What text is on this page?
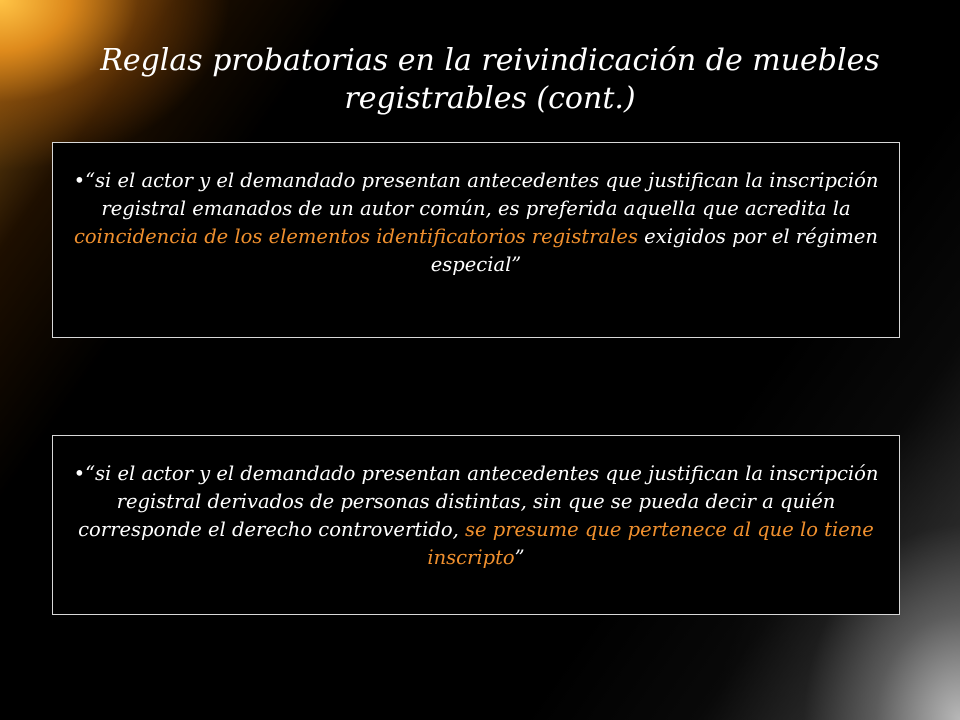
Reglas probatorias en la reivindicación de muebles registrables (cont.)
•“si el actor y el demandado presentan antecedentes que justifican la inscripción registral emanados de un autor común, es preferida aquella que acredita la coincidencia de los elementos identificatorios registrales exigidos por el régimen especial”
•“si el actor y el demandado presentan antecedentes que justifican la inscripción registral derivados de personas distintas, sin que se pueda decir a quién corresponde el derecho controvertido, se presume que pertenece al que lo tiene inscripto”
